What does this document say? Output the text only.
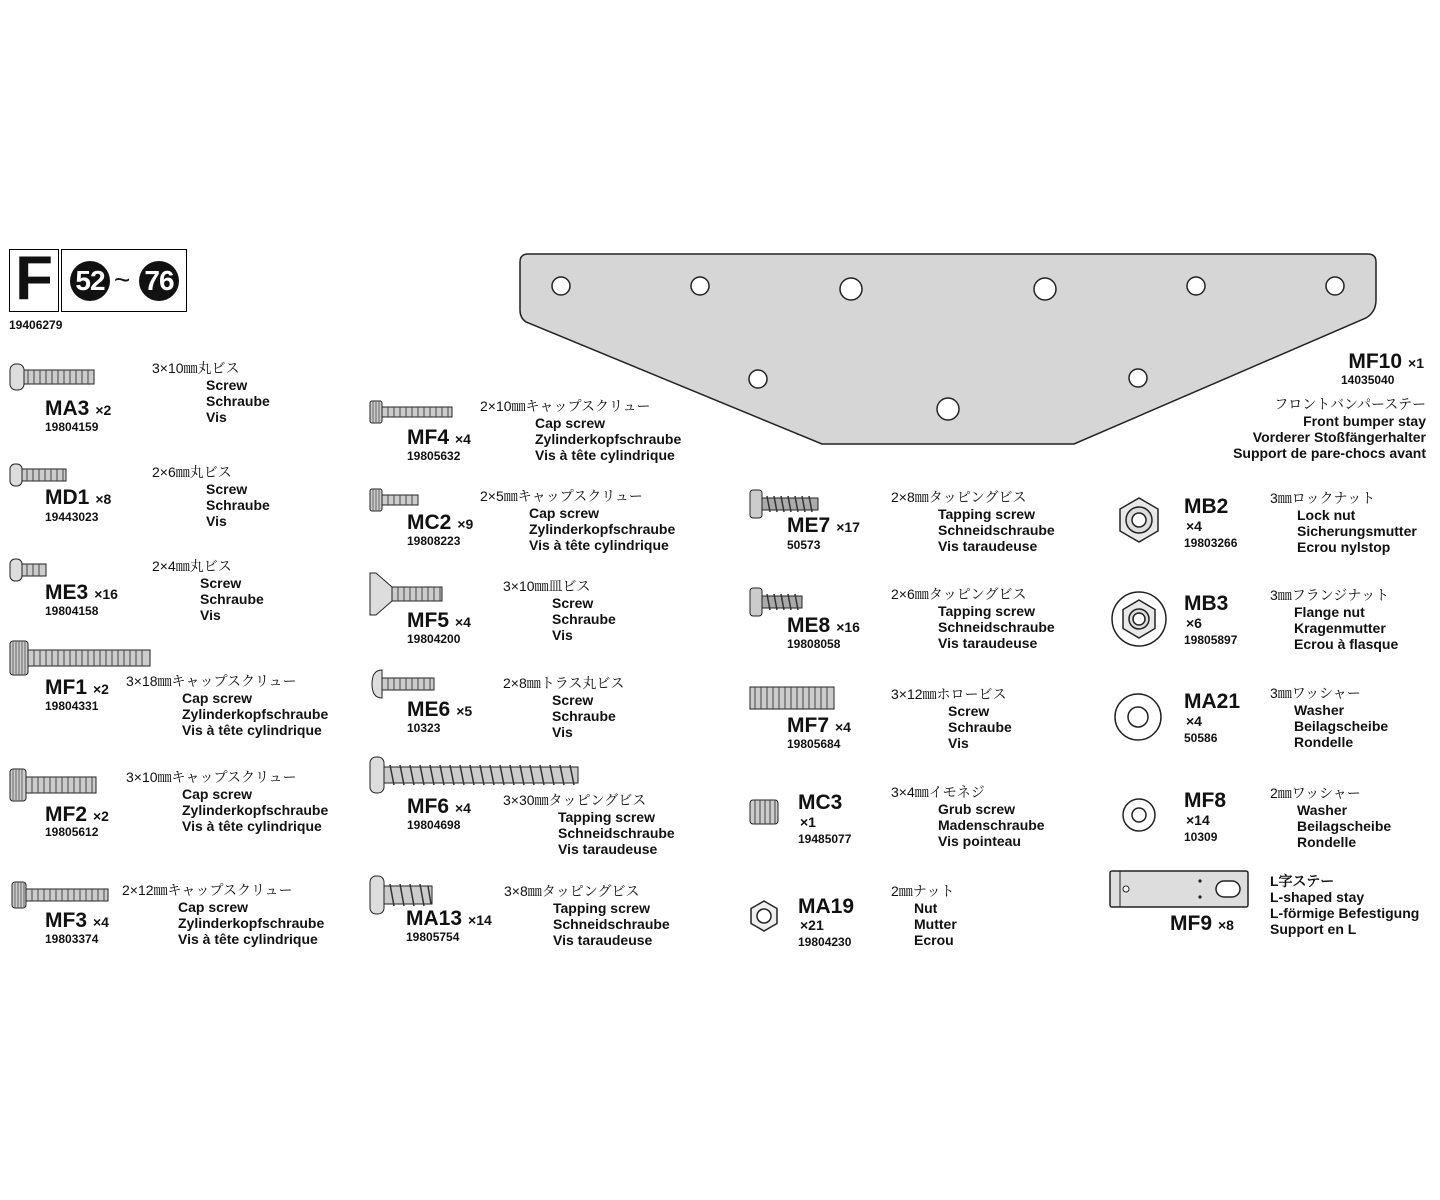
F 52 ~ 76
19406279
MF10 ×1
14035040
フロントバンパーステー
Front bumper stay
Vorderer Stoßfängerhalter
Support de pare-chocs avant
MA3 ×2
19804159
3×10㎜丸ビス
Screw
Schraube
Vis
MD1 ×8
19443023
2×6㎜丸ビス
Screw
Schraube
Vis
ME3 ×16
19804158
2×4㎜丸ビス
Screw
Schraube
Vis
MF1 ×2
19804331
3×18㎜キャップスクリュー
Cap screw
Zylinderkopfschraube
Vis à tête cylindrique
MF2 ×2
19805612
3×10㎜キャップスクリュー
Cap screw
Zylinderkopfschraube
Vis à tête cylindrique
MF3 ×4
19803374
2×12㎜キャップスクリュー
Cap screw
Zylinderkopfschraube
Vis à tête cylindrique
MF4 ×4
19805632
2×10㎜キャップスクリュー
Cap screw
Zylinderkopfschraube
Vis à tête cylindrique
MC2 ×9
19808223
2×5㎜キャップスクリュー
Cap screw
Zylinderkopfschraube
Vis à tête cylindrique
MF5 ×4
19804200
3×10㎜皿ビス
Screw
Schraube
Vis
ME6 ×5
10323
2×8㎜トラス丸ビス
Screw
Schraube
Vis
MF6 ×4
19804698
3×30㎜タッピングビス
Tapping screw
Schneidschraube
Vis taraudeuse
MA13 ×14
19805754
3×8㎜タッピングビス
Tapping screw
Schneidschraube
Vis taraudeuse
ME7 ×17
50573
2×8㎜タッピングビス
Tapping screw
Schneidschraube
Vis taraudeuse
ME8 ×16
19808058
2×6㎜タッピングビス
Tapping screw
Schneidschraube
Vis taraudeuse
MF7 ×4
19805684
3×12㎜ホロービス
Screw
Schraube
Vis
MC3
×1
19485077
3×4㎜イモネジ
Grub screw
Madenschraube
Vis pointeau
MA19
×21
19804230
2㎜ナット
Nut
Mutter
Ecrou
MB2
×4
19803266
3㎜ロックナット
Lock nut
Sicherungsmutter
Ecrou nylstop
MB3
×6
19805897
3㎜フランジナット
Flange nut
Kragenmutter
Ecrou à flasque
MA21
×4
50586
3㎜ワッシャー
Washer
Beilagscheibe
Rondelle
MF8
×14
10309
2㎜ワッシャー
Washer
Beilagscheibe
Rondelle
MF9 ×8
L字ステー
L-shaped stay
L-förmige Befestigung
Support en L
